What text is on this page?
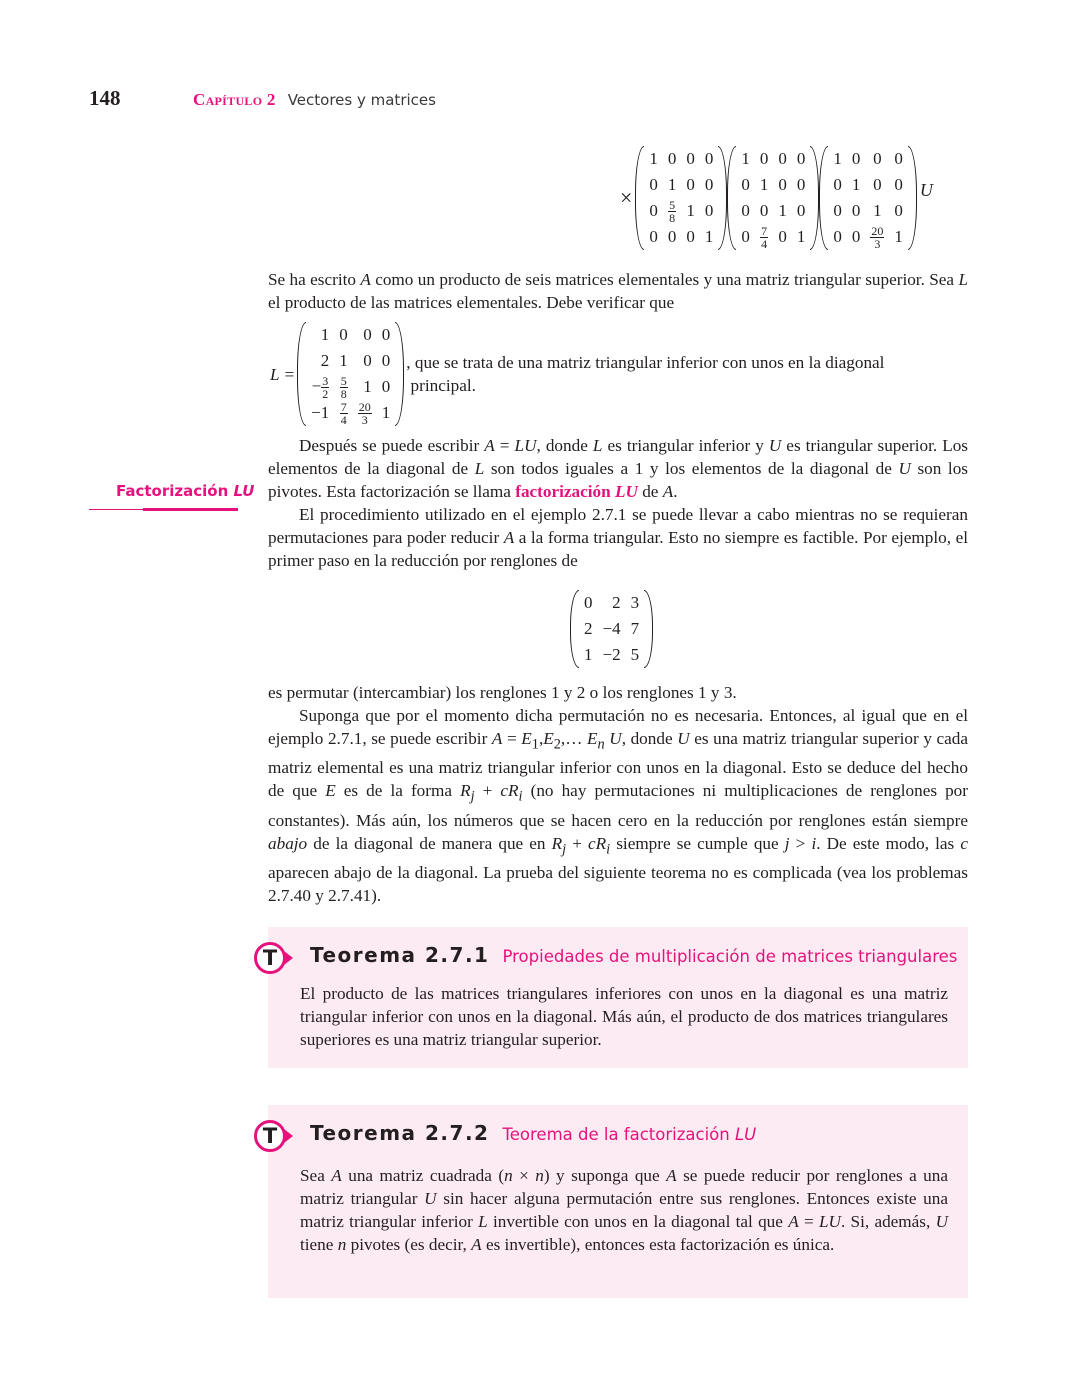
148	Capítulo 2 Vectores y matrices
×
1	0	0	0
0	1	0	0
0	$\frac{5}{8}$	1	0
0	0	0	1
1	0	0	0
0	1	0	0
0	0	1	0
0	$\frac{7}{4}$	0	1
1	0	0	0
0	1	0	0
0	0	1	0
0	0	$\frac{20}{3}$	1
U
Se ha escrito A como un producto de seis matrices elementales y una matriz triangular superior. Sea L el producto de las matrices elementales. Debe verificar que
L =
1	0	0	0
2	1	0	0
− $\frac{3}{2}$	$\frac{5}{8}$	1	0
−1	$\frac{7}{4}$	$\frac{20}{3}$	1
, que se trata de una matriz triangular inferior con unos en la diagonal
principal.
Después se puede escribir A = LU, donde L es triangular inferior y U es triangular superior. Los elementos de la diagonal de L son todos iguales a 1 y los elementos de la diagonal de U son los pivotes. Esta factorización se llama factorización LU de A.
Factorización LU
El procedimiento utilizado en el ejemplo 2.7.1 se puede llevar a cabo mientras no se requieran permutaciones para poder reducir A a la forma triangular. Esto no siempre es factible. Por ejemplo, el primer paso en la reducción por renglones de
0	2	3
2	−4	7
1	−2	5
es permutar (intercambiar) los renglones 1 y 2 o los renglones 1 y 3.
Suponga que por el momento dicha permutación no es necesaria. Entonces, al igual que en el ejemplo 2.7.1, se puede escribir $A = E_1,E_2,\dots$ $E_n$ U, donde U es una matriz triangular superior y cada matriz elemental es una matriz triangular inferior con unos en la diagonal. Esto se deduce del hecho de que E es de la forma $R_j + cR_i$ (no hay permutaciones ni multiplicaciones de renglones por constantes). Más aún, los números que se hacen cero en la reducción por renglones están siempre abajo de la diagonal de manera que en $R_j + cR_i$ siempre se cumple que j > i. De este modo, las c aparecen abajo de la diagonal. La prueba del siguiente teorema no es complicada (vea los problemas 2.7.40 y 2.7.41).
T Teorema 2.7.1 Propiedades de multiplicación de matrices triangulares
El producto de las matrices triangulares inferiores con unos en la diagonal es una matriz triangular inferior con unos en la diagonal. Más aún, el producto de dos matrices triangulares superiores es una matriz triangular superior.
T Teorema 2.7.2 Teorema de la factorización LU
Sea A una matriz cuadrada (n × n) y suponga que A se puede reducir por renglones a una matriz triangular U sin hacer alguna permutación entre sus renglones. Entonces existe una matriz triangular inferior L invertible con unos en la diagonal tal que A = LU. Si, además, U tiene n pivotes (es decir, A es invertible), entonces esta factorización es única.
